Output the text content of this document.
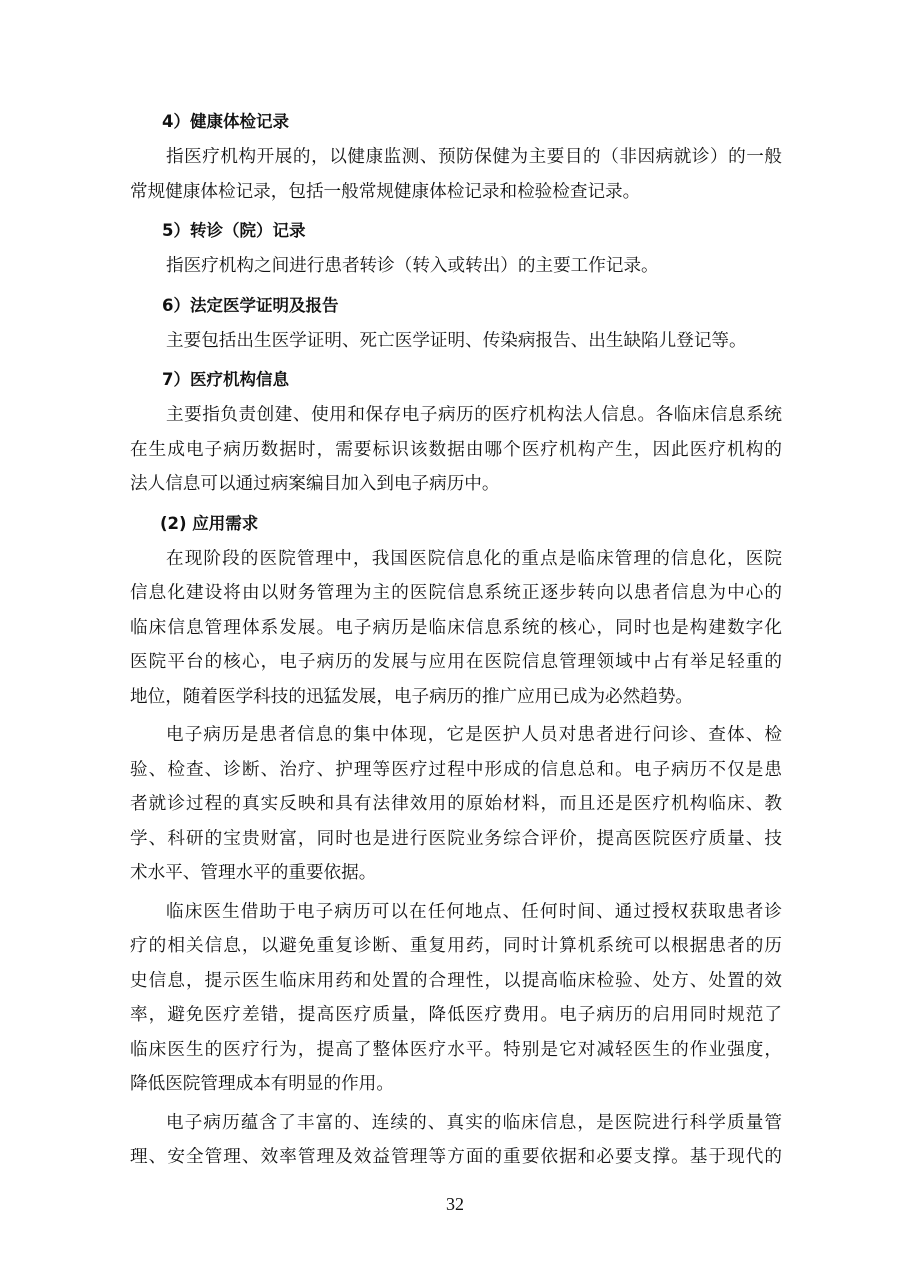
4）健康体检记录
指医疗机构开展的，以健康监测、预防保健为主要目的（非因病就诊）的一般
常规健康体检记录，包括一般常规健康体检记录和检验检查记录。
5）转诊（院）记录
指医疗机构之间进行患者转诊（转入或转出）的主要工作记录。
6）法定医学证明及报告
主要包括出生医学证明、死亡医学证明、传染病报告、出生缺陷儿登记等。
7）医疗机构信息
主要指负责创建、使用和保存电子病历的医疗机构法人信息。各临床信息系统
在生成电子病历数据时，需要标识该数据由哪个医疗机构产生，因此医疗机构的
法人信息可以通过病案编目加入到电子病历中。
(2) 应用需求
在现阶段的医院管理中，我国医院信息化的重点是临床管理的信息化，医院
信息化建设将由以财务管理为主的医院信息系统正逐步转向以患者信息为中心的
临床信息管理体系发展。电子病历是临床信息系统的核心，同时也是构建数字化
医院平台的核心，电子病历的发展与应用在医院信息管理领域中占有举足轻重的
地位，随着医学科技的迅猛发展，电子病历的推广应用已成为必然趋势。
电子病历是患者信息的集中体现，它是医护人员对患者进行问诊、查体、检
验、检查、诊断、治疗、护理等医疗过程中形成的信息总和。电子病历不仅是患
者就诊过程的真实反映和具有法律效用的原始材料，而且还是医疗机构临床、教
学、科研的宝贵财富，同时也是进行医院业务综合评价，提高医院医疗质量、技
术水平、管理水平的重要依据。
临床医生借助于电子病历可以在任何地点、任何时间、通过授权获取患者诊
疗的相关信息，以避免重复诊断、重复用药，同时计算机系统可以根据患者的历
史信息，提示医生临床用药和处置的合理性，以提高临床检验、处方、处置的效
率，避免医疗差错，提高医疗质量，降低医疗费用。电子病历的启用同时规范了
临床医生的医疗行为，提高了整体医疗水平。特别是它对减轻医生的作业强度，
降低医院管理成本有明显的作用。
电子病历蕴含了丰富的、连续的、真实的临床信息，是医院进行科学质量管
理、安全管理、效率管理及效益管理等方面的重要依据和必要支撑。基于现代的
32
